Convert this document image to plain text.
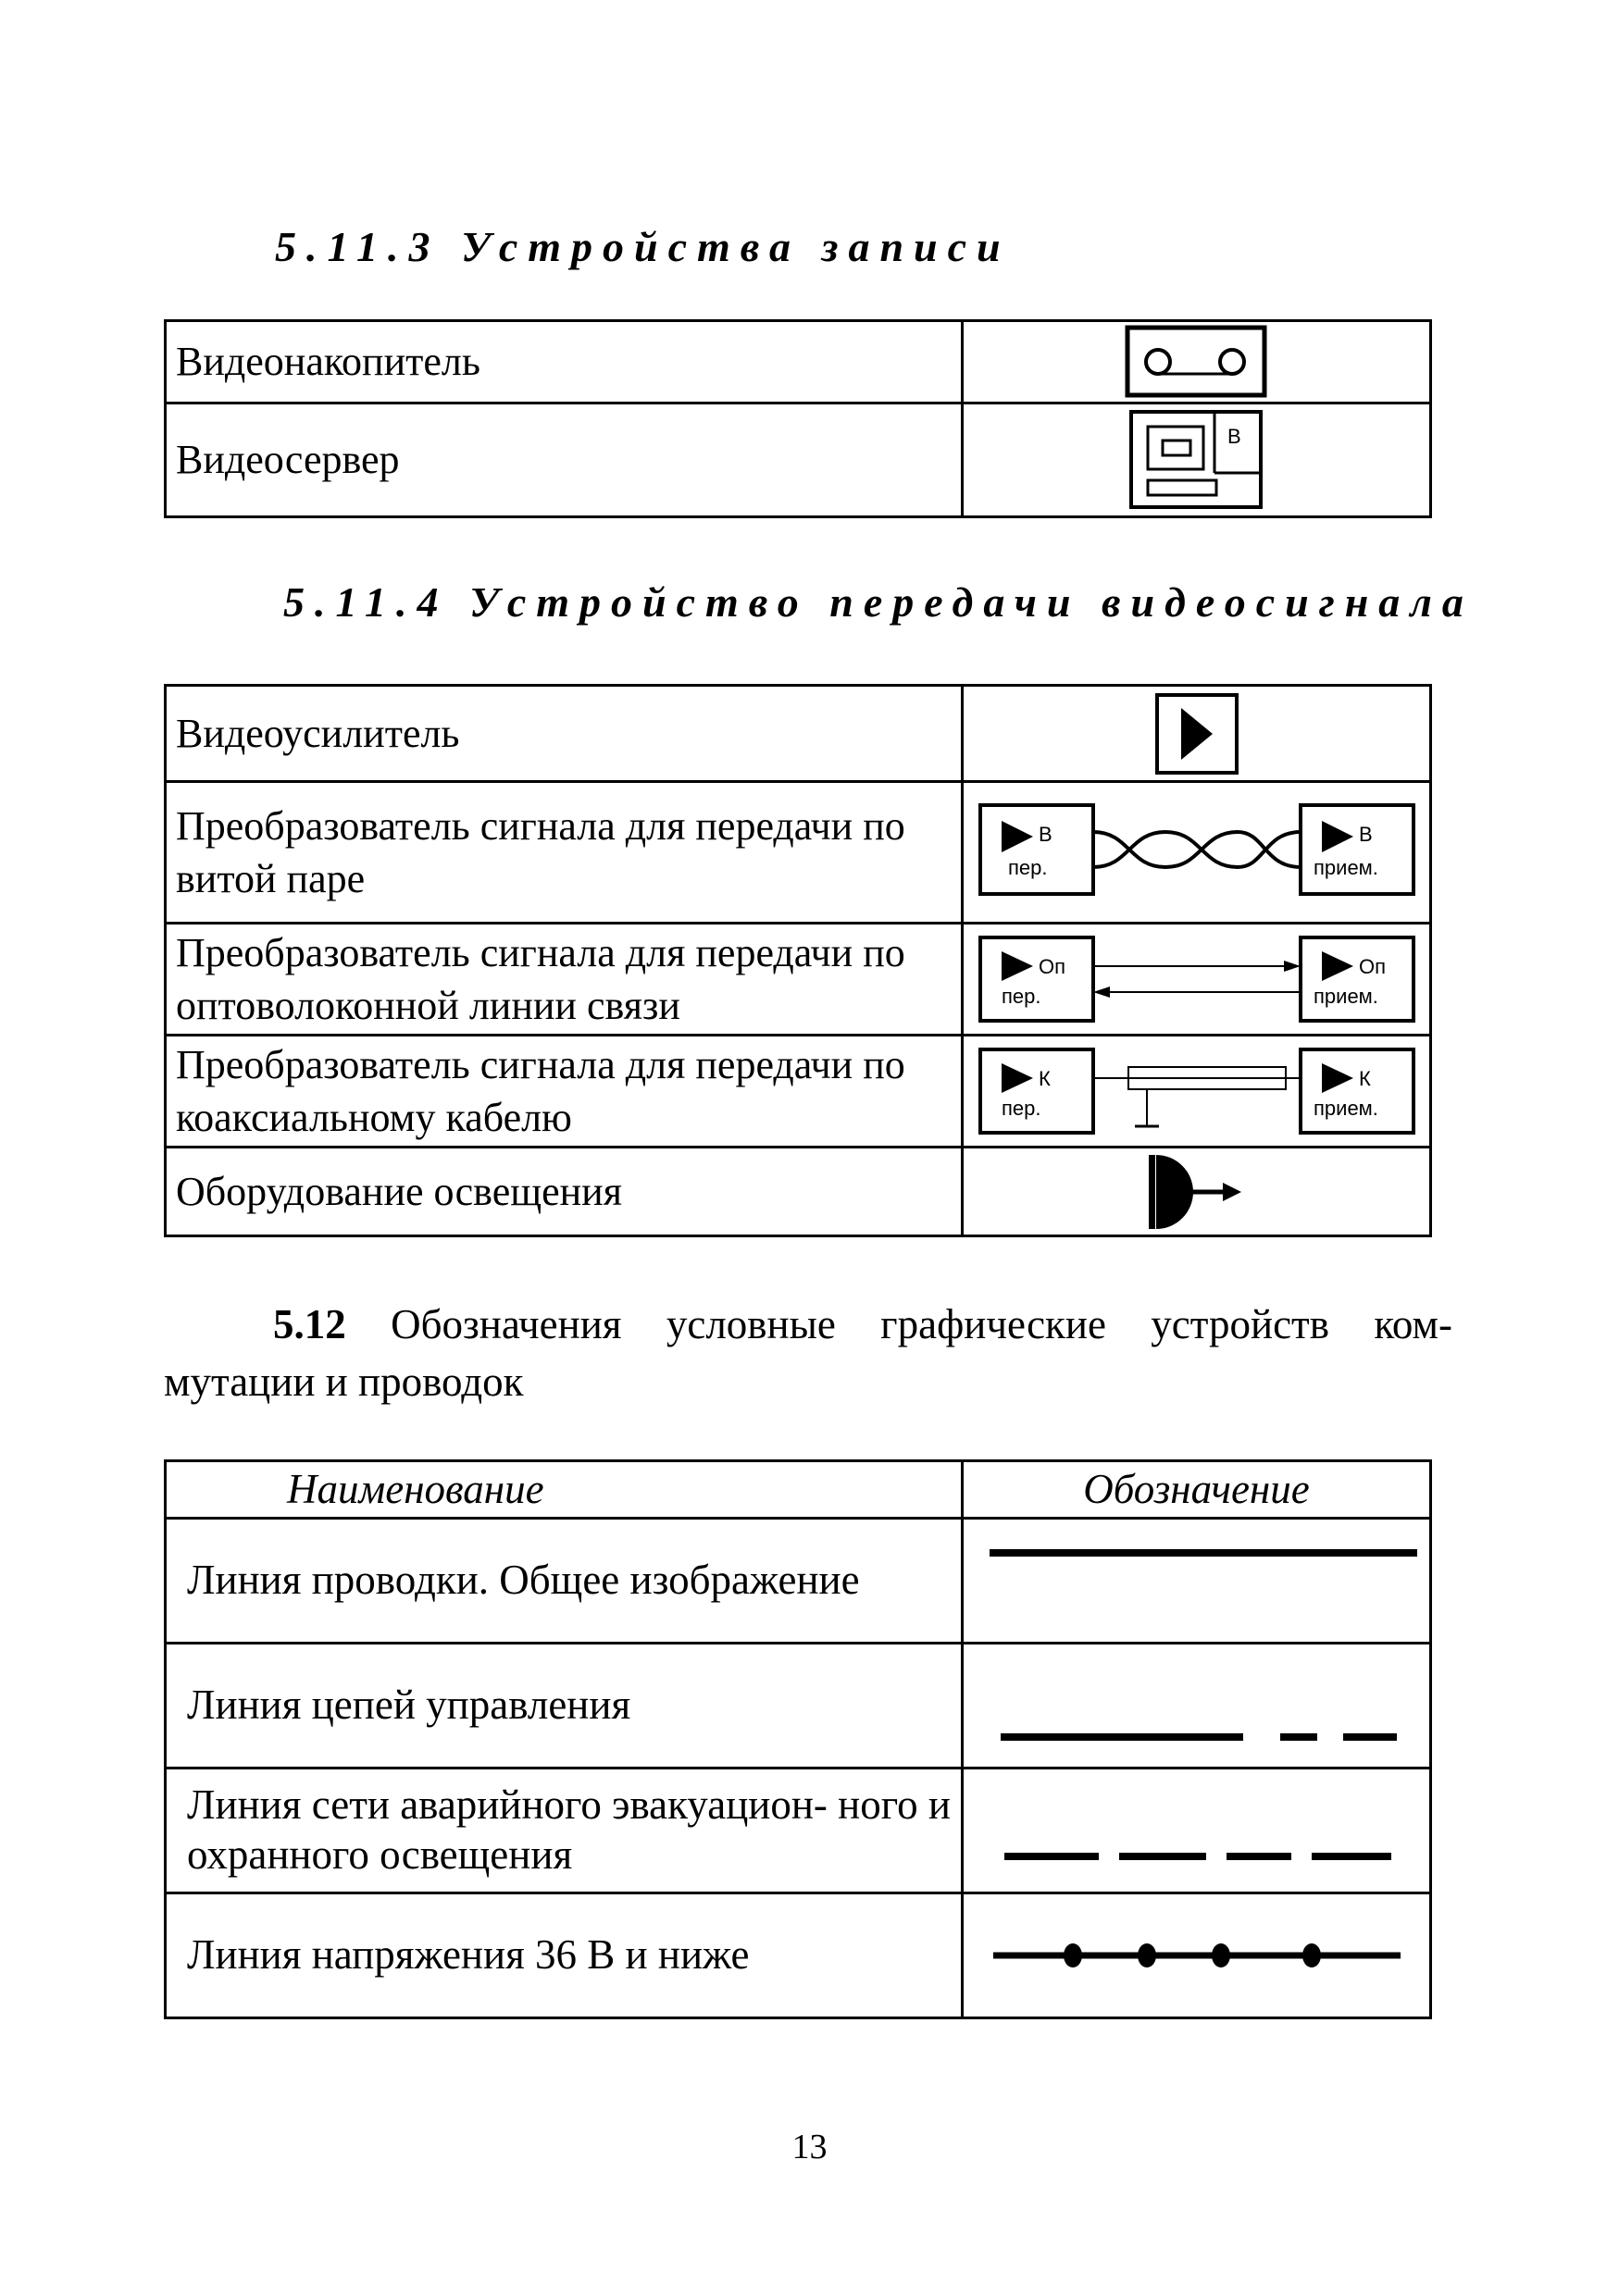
5.11.3 Устройства записи
Видеонакопитель	

Видеосервер	В
5.11.4 Устройство передачи видеосигнала
Видеоусилитель	

Преобразователь сигнала для передачи по витой паре	В
пер.
В
прием.

Преобразователь сигнала для передачи по оптоволоконной линии связи	Оп
пер.
Оп
прием.

Преобразователь сигнала для передачи по коаксиальному кабелю	К
пер.
К
прием.

Оборудование освещения	

5.12 Обозначения условные графические устройств ком-
мутации и проводок

Наименование	Обозначение
Линия проводки. Общее изображение	

Линия цепей управления	

Линия сети аварийного эвакуацион- ного и охранного освещения	

Линия напряжения 36 В и ниже	
13
